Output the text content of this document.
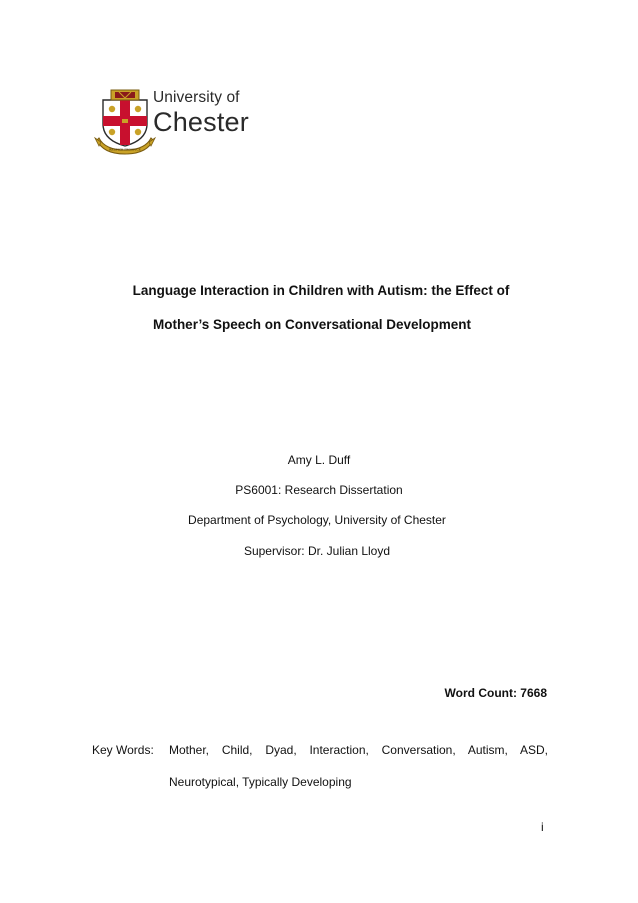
RESPICE PROSPICE
University of
Chester
Language Interaction in Children with Autism: the Effect of
Mother’s Speech on Conversational Development
Amy L. Duff
PS6001: Research Dissertation
Department of Psychology, University of Chester
Supervisor: Dr. Julian Lloyd
Word Count: 7668
Key Words:	Mother, Child, Dyad, Interaction, Conversation, Autism, ASD,
Neurotypical, Typically Developing
i
